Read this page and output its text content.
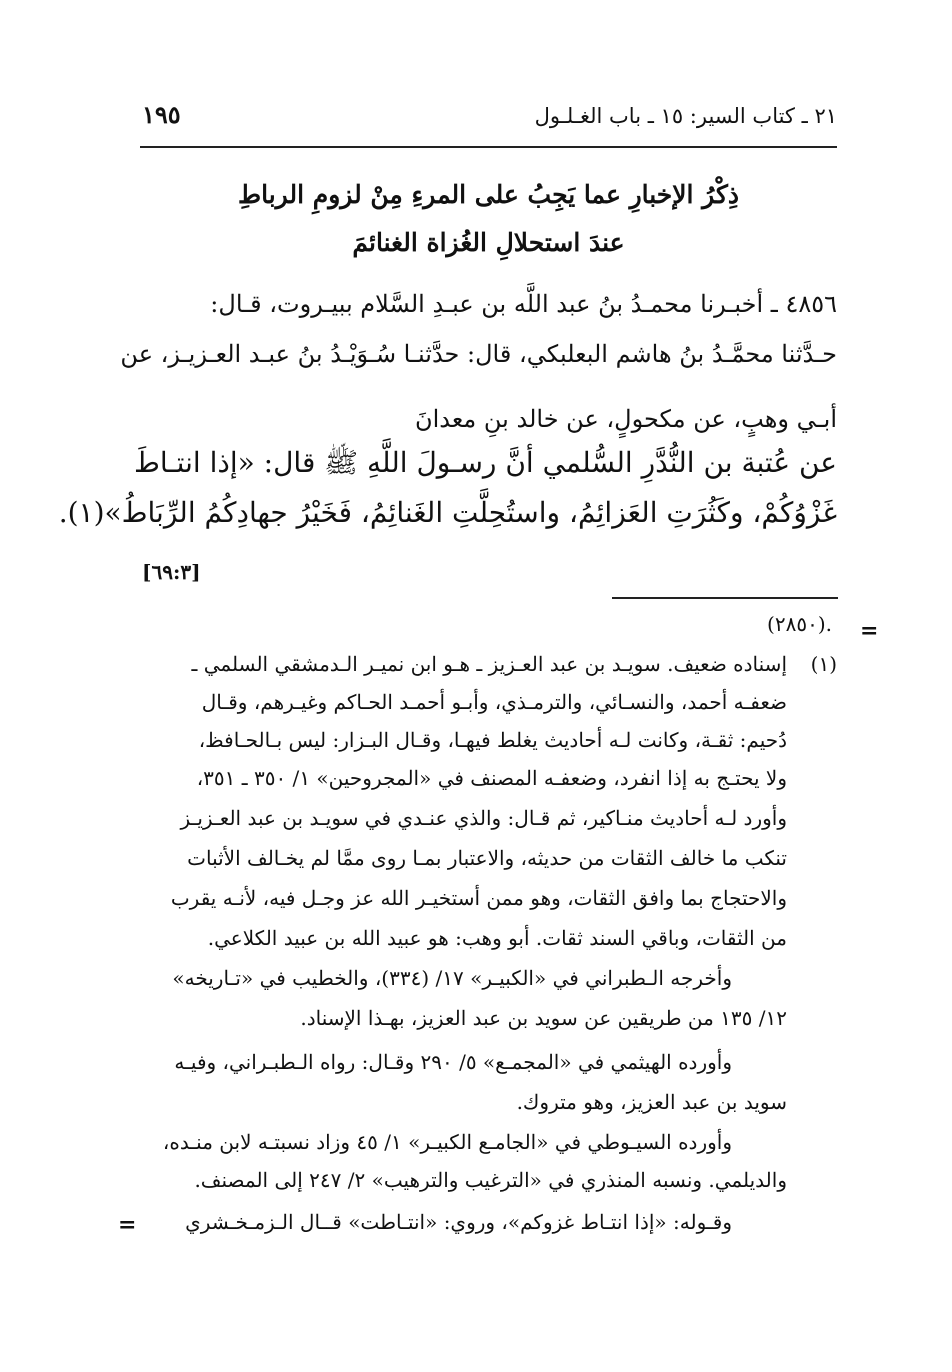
٢١ ـ كتاب السير: ١٥ ـ باب الغـلـول
١٩٥
ذِكْرُ الإخبارِ عما يَجِبُ على المرءِ مِنْ لزومِ الرباطِ
عندَ استحلالِ الغُزاة الغنائمَ
٤٨٥٦ ـ أخبـرنا محمـدُ بنُ عبد اللَّه بن عبـدِ السَّلام ببيـروت، قـال:
حـدَّثنا محمَّـدُ بنُ هاشم البعلبكي، قال: حدَّثنـا سُـوَيْـدُ بنُ عبـد العـزيـز، عن
أبـي وهبٍ، عن مكحولٍ، عن خالد بنِ معدانَ
عن عُتبة بن النُّدَّرِ السُّلمي أنَّ رسـولَ اللَّهِ ﷺ قال: «إذا انتـاطَ
غَزْوُكُمْ، وكَثُرَتِ العَزائِمُ، واستُحِلَّتِ الغَنائِمُ، فَخَيْرُ جهادِكُمُ الرِّبَاطُ»(١).
[٦٩:٣]
.(٢٨٥٠) =
(١)
إسناده ضعيف. سويـد بن عبد العـزيز ـ هـو ابن نميـر الـدمشقي السلمي ـ
ضعفـه أحمد، والنسـائي، والترمـذي، وأبـو أحمـد الحـاكم وغيـرهم، وقـال
دُحيم: ثقـة، وكانت لـه أحاديث يغلط فيهـا، وقـال البـزار: ليس بـالحـافظ،
ولا يحتـج به إذا انفرد، وضعفـه المصنف في «المجروحين» ١/ ٣٥٠ ـ ٣٥١،
وأورد لـه أحاديث منـاكير، ثم قـال: والذي عنـدي في سويـد بن عبد العـزيـز
تنكب ما خالف الثقات من حديثه، والاعتبار بمـا روى ممَّا لم يخـالف الأثبات
والاحتجاج بما وافق الثقات، وهو ممن أستخيـر الله عز وجـل فيه، لأنـه يقرب
من الثقات، وباقي السند ثقات. أبو وهب: هو عبيد الله بن عبيد الكلاعي.
وأخرجه الـطبراني في «الكبيـر» ١٧/ (٣٣٤)، والخطيب في «تـاريخه»
١٢/ ١٣٥ من طريقين عن سويد بن عبد العزيز، بهـذا الإسناد.
وأورده الهيثمي في «المجمـع» ٥/ ٢٩٠ وقـال: رواه الـطبـراني، وفيـه
سويد بن عبد العزيز، وهو متروك.
وأورده السيـوطي في «الجامـع الكبيـر» ١/ ٤٥ وزاد نسبتـه لابن منـده،
والديلمي. ونسبه المنذري في «الترغيب والترهيب» ٢/ ٢٤٧ إلى المصنف.
وقـوله: «إذا انتـاط غزوكم»، وروي: «انتـاطت» قــال الـزمـخـشري
=
